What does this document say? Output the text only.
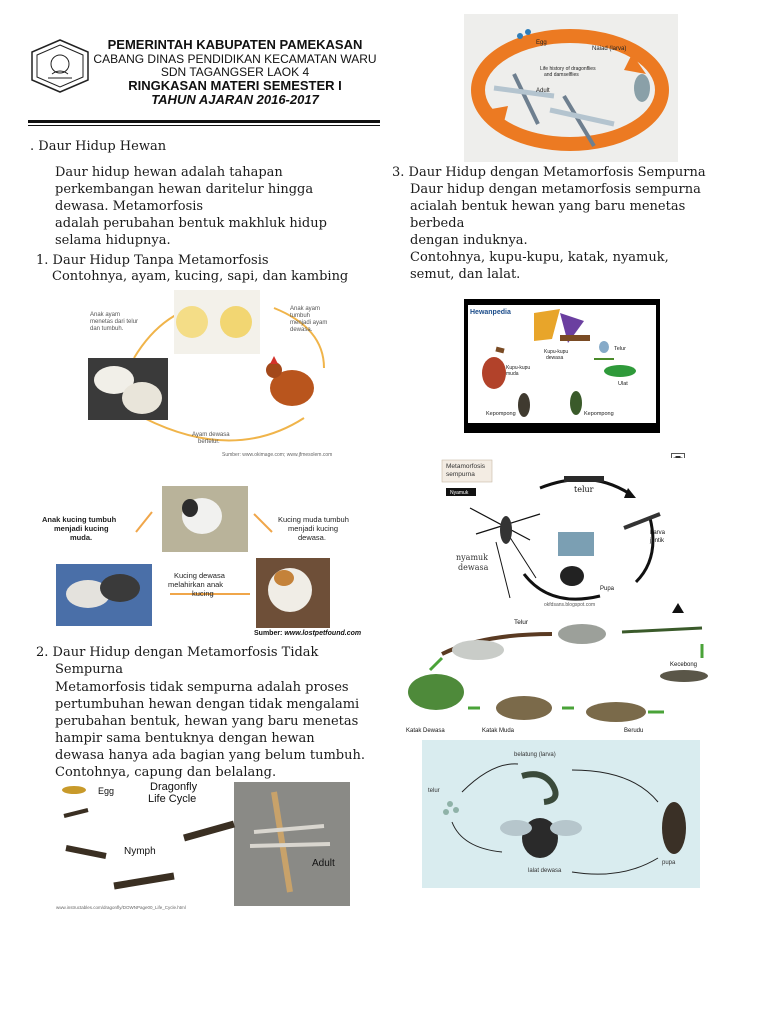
PEMERINTAH KABUPATEN PAMEKASAN
CABANG DINAS PENDIDIKAN KECAMATAN WARU
SDN TAGANGSER LAOK 4
RINGKASAN MATERI SEMESTER I
TAHUN AJARAN 2016-2017
. Daur Hidup Hewan
Daur hidup hewan adalah tahapan
perkembangan hewan daritelur hingga
dewasa. Metamorfosis
adalah perubahan bentuk makhluk hidup
selama hidupnya.
1. Daur Hidup Tanpa Metamorfosis
Contohnya, ayam, kucing, sapi, dan kambing
Anak ayam menetas dari telur dan tumbuh.
Anak ayam tumbuh menjadi ayam dewasa.
Ayam dewasa bertelur.
Sumber: www.okimage.com; www.jfmesolem.com
Anak kucing tumbuh menjadi kucing muda.
Kucing muda tumbuh menjadi kucing dewasa.
Kucing dewasa melahirkan anak kucing
Sumber: www.lostpetfound.com
2. Daur Hidup dengan Metamorfosis Tidak
Sempurna
Metamorfosis tidak sempurna adalah proses
pertumbuhan hewan dengan tidak mengalami
perubahan bentuk, hewan yang baru menetas
hampir sama bentuknya dengan hewan
dewasa hanya ada bagian yang belum tumbuh.
Contohnya, capung dan belalang.
Egg	Dragonfly Life Cycle
Nymph
Adult
www.instructables.com/dragonfly/DOWNPage00_Life_Cycle.html
Egg
Naiad (larva)
Life history of dragonflies and damselflies
Adult
3. Daur Hidup dengan Metamorfosis Sempurna
Daur hidup dengan metamorfosis sempurna
acialah bentuk hewan yang baru menetas
berbeda
dengan induknya.
Contohnya, kupu-kupu, katak, nyamuk,
semut, dan lalat.
Hewanpedia
Telur
Kupu-kupu dewasa
Kupu-kupu muda
Ulat
Kepompong	Kepompong
Metamorfosis sempurna
Nyamuk	telur
Larva jentik
nyamuk dewasa
Pupa
okfdsans.blogspot.com
Telur
Kecebong
Berudu
Katak Muda
Katak Dewasa
telur
belatung (larva)
pupa
lalat dewasa
